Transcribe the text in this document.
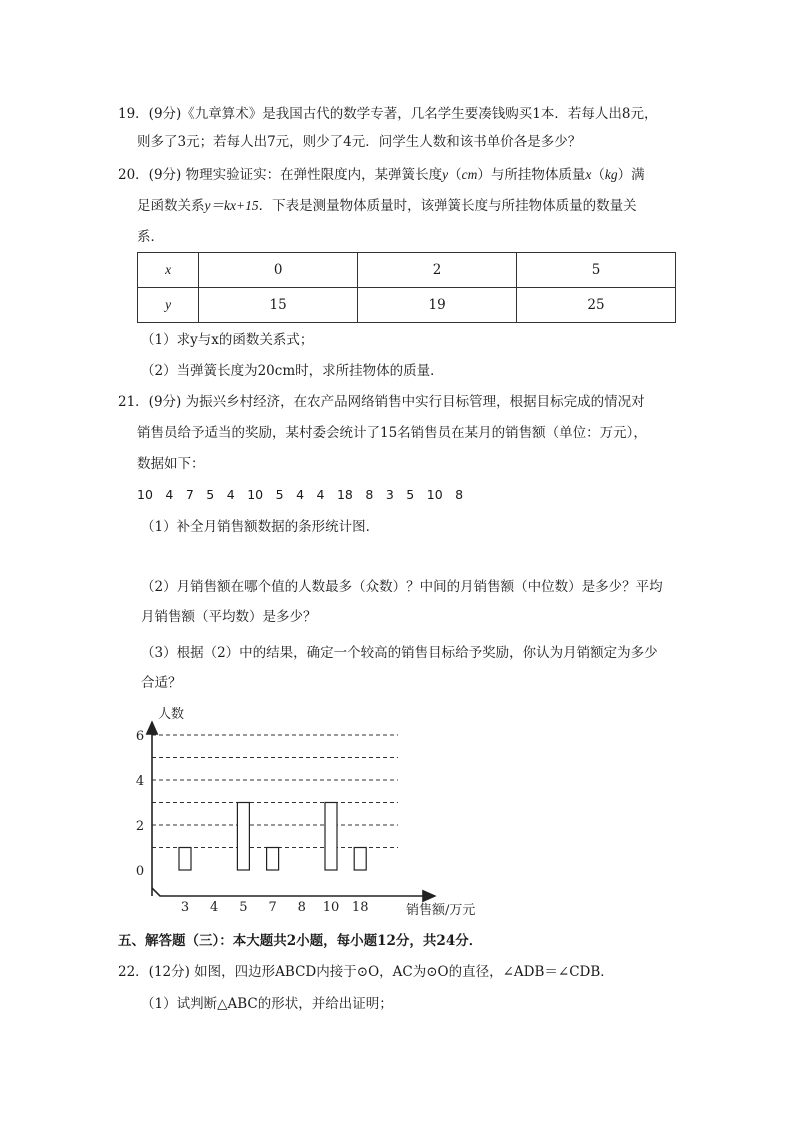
19．(9分)《九章算术》是我国古代的数学专著，几名学生要凑钱购买1本．若每人出8元，
则多了3元；若每人出7元，则少了4元．问学生人数和该书单价各是多少？
20．(9分) 物理实验证实：在弹性限度内，某弹簧长度y（cm）与所挂物体质量x（kg）满
足函数关系y＝kx+15．下表是测量物体质量时，该弹簧长度与所挂物体质量的数量关
系．
x	0	2	5
y	15	19	25
（1）求y与x的函数关系式；
（2）当弹簧长度为20cm时，求所挂物体的质量．
21．(9分) 为振兴乡村经济，在农产品网络销售中实行目标管理，根据目标完成的情况对
销售员给予适当的奖励，某村委会统计了15名销售员在某月的销售额（单位：万元），
数据如下：
10　4　7　5　4　10　5　4　4　18　8　3　5　10　8
（1）补全月销售额数据的条形统计图．
（2）月销售额在哪个值的人数最多（众数）？中间的月销售额（中位数）是多少？平均
月销售额（平均数）是多少？
（3）根据（2）中的结果，确定一个较高的销售目标给予奖励，你认为月销额定为多少
合适？
人数
销售额/万元
0
2
4
6
3 4 5 7 8 10 18
五、解答题（三）：本大题共2小题，每小题12分，共24分．
22．(12分) 如图，四边形ABCD内接于⊙O，AC为⊙O的直径，∠ADB＝∠CDB．
（1）试判断△ABC的形状，并给出证明；
